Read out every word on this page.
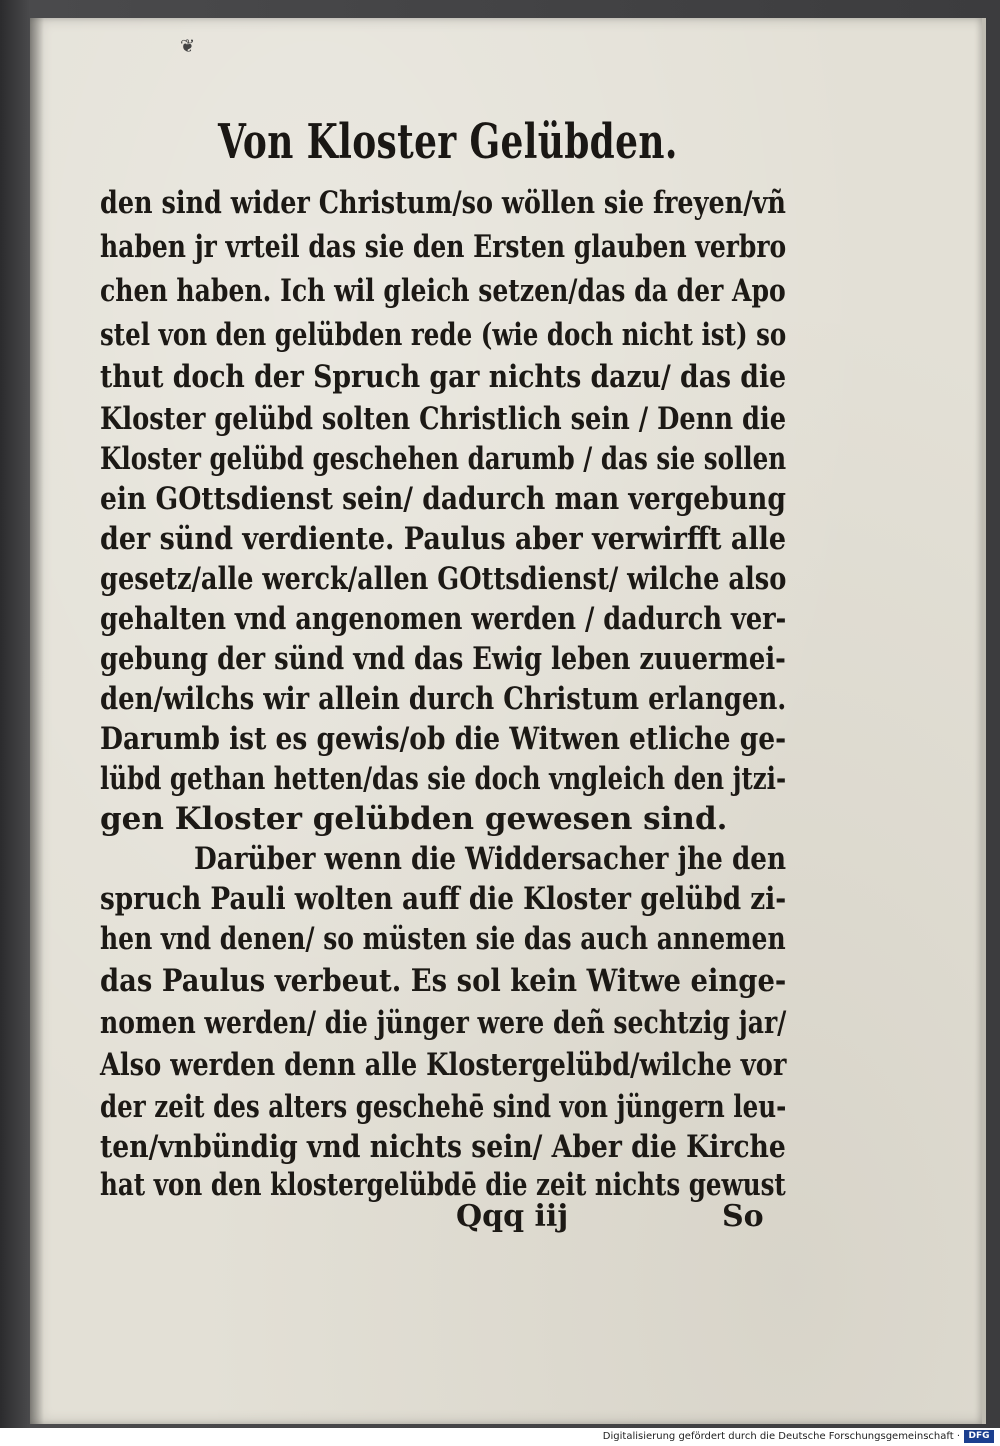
❦
Von Kloster Gelübden.
den sind wider Christum/so wöllen sie freyen/vñ
haben jr vrteil das sie den Ersten glauben verbro
chen haben. Ich wil gleich setzen/das da der Apo
stel von den gelübden rede (wie doch nicht ist) so
thut doch der Spruch gar nichts dazu/ das die
Kloster gelübd solten Christlich sein / Denn die
Kloster gelübd geschehen darumb / das sie sollen
ein GOttsdienst sein/ dadurch man vergebung
der sünd verdiente. Paulus aber verwirfft alle
gesetz/alle werck/allen GOttsdienst/ wilche also
gehalten vnd angenomen werden / dadurch ver-
gebung der sünd vnd das Ewig leben zuuermei-
den/wilchs wir allein durch Christum erlangen.
Darumb ist es gewis/ob die Witwen etliche ge-
lübd gethan hetten/das sie doch vngleich den jtzi-
gen Kloster gelübden gewesen sind.
Darüber wenn die Widdersacher jhe den
spruch Pauli wolten auff die Kloster gelübd zi-
hen vnd denen/ so müsten sie das auch annemen
das Paulus verbeut. Es sol kein Witwe einge-
nomen werden/ die jünger were deñ sechtzig jar/
Also werden denn alle Klostergelübd/wilche vor
der zeit des alters geschehē sind von jüngern leu-
ten/vnbündig vnd nichts sein/ Aber die Kirche
hat von den klostergelübdē die zeit nichts gewust
Qqq iij	So
Digitalisierung gefördert durch die Deutsche Forschungsgemeinschaft · DFG
